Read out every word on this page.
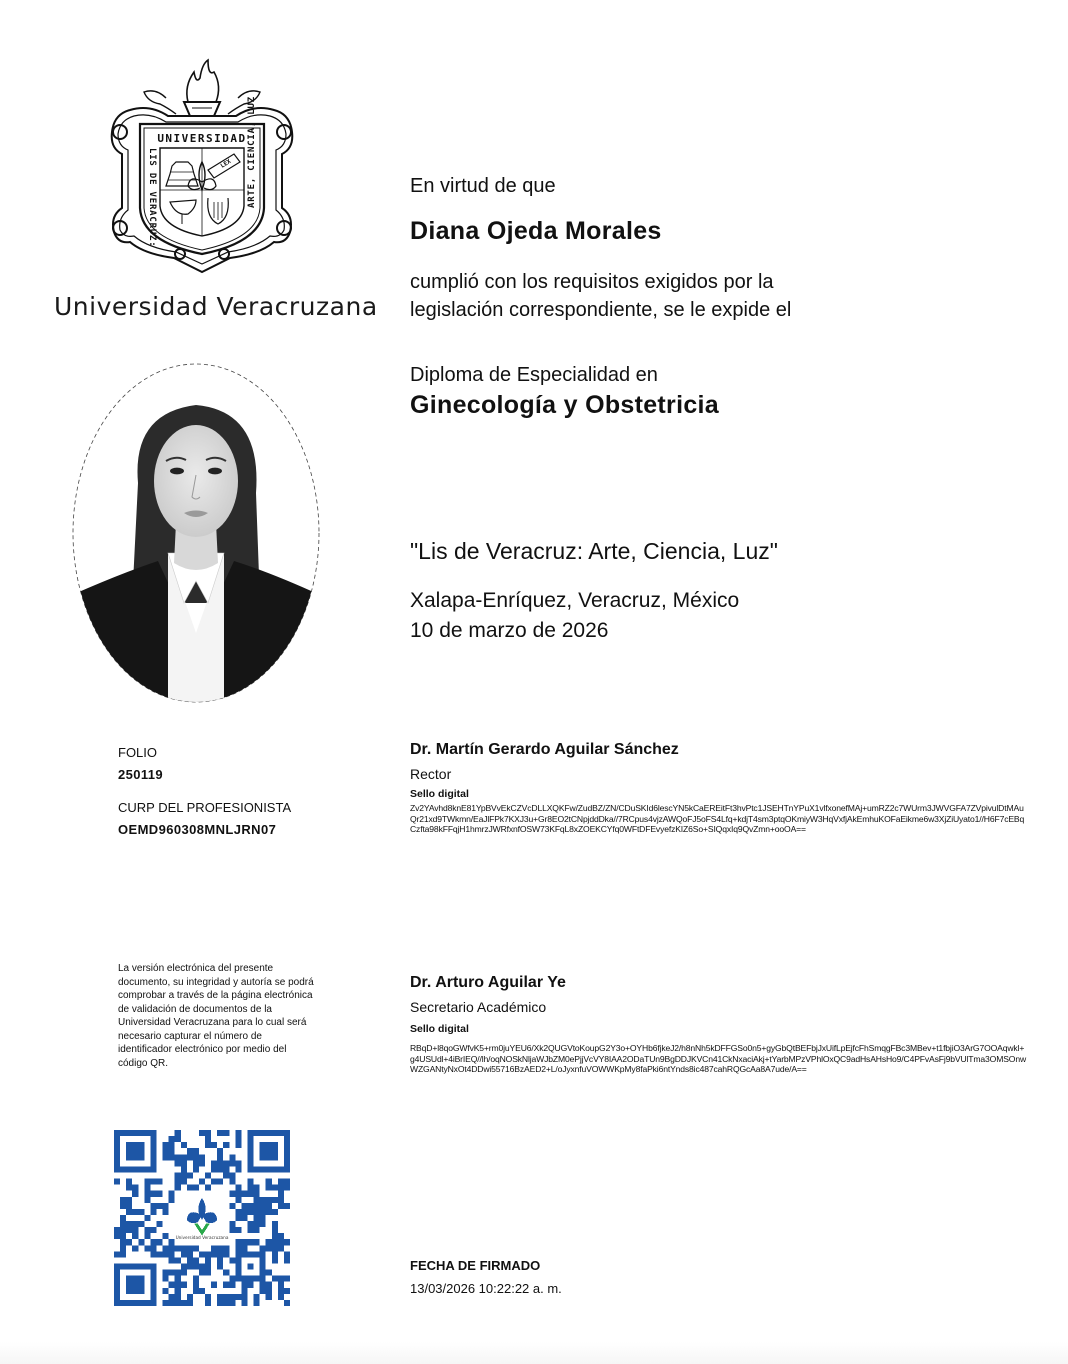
UNIVERSIDAD
LIS DE VERACRUZ:	ARTE, CIENCIA, LUZ
LEX
Universidad Veracruzana
En virtud de que
Diana Ojeda Morales
cumplió con los requisitos exigidos por la
legislación correspondiente, se le expide el
Diploma de Especialidad en
Ginecología y Obstetricia
"Lis de Veracruz: Arte, Ciencia, Luz"
Xalapa-Enríquez, Veracruz, México
10 de marzo de 2026
FOLIO
250119
CURP DEL PROFESIONISTA
OEMD960308MNLJRN07
La versión electrónica del presente documento, su integridad y autoría se podrá comprobar a través de la página electrónica de validación de documentos de la Universidad Veracruzana para lo cual será necesario capturar el número de identificador electrónico por medio del código QR.
Dr. Martín Gerardo Aguilar Sánchez
Rector
Sello digital
Zv2YAvhd8knE81YpBVvEkCZVcDLLXQKFw/ZudBZ/ZN/CDuSKId6lescYN5kCaEREitFt3hvPtc1JSEHTnYPuX1vlfxonefMAj+umRZ2c7WUrm3JWVGFA7ZVpivulDtMAuQr21xd9TWkmn/EaJlFPk7KXJ3u+Gr8EO2tCNpjddDka//7RCpus4vjzAWQoFJ5oFS4Lfq+kdjT4sm3ptqOKmiyW3HqVxfjAkEmhuKOFaEikme6w3XjZiUyato1//H6F7cEBqCzfta98kFFqjH1hmrzJWRfxnfOSW73KFqL8xZOEKCYfq0WFtDFEvyefzKIZ6So+SIQqxIq9QvZmn+ooOA==
Dr. Arturo Aguilar Ye
Secretario Académico
Sello digital
RBqD+l8qoGWfvK5+rm0juYEU6/Xk2QUGVtoKoupG2Y3o+OYHb6fjkeJ2/h8nNh5kDFFGSo0n5+gyGbQtBEFbjJxUifLpEjfcFhSmqgFBc3MBev+t1fbjiO3ArG7OOAqwkl+g4USUdl+4iBrIEQ//lh/oqNOSkNljaWJbZM0ePjjVcVY8IAA2ODaTUn9BgDDJKVCn41CkNxaciAkj+tYarbMPzVPhlOxQC9adHsAHsHo9/C4PFvAsFj9bVUlTma3OMSOnwWZGANtyNxOt4DDwi55716BzAED2+L/oJyxnfuVOWWKpMy8faPki6ntYnds8ic487cahRQGcAa8A7ude/A==
FECHA DE FIRMADO
13/03/2026 10:22:22 a. m.
